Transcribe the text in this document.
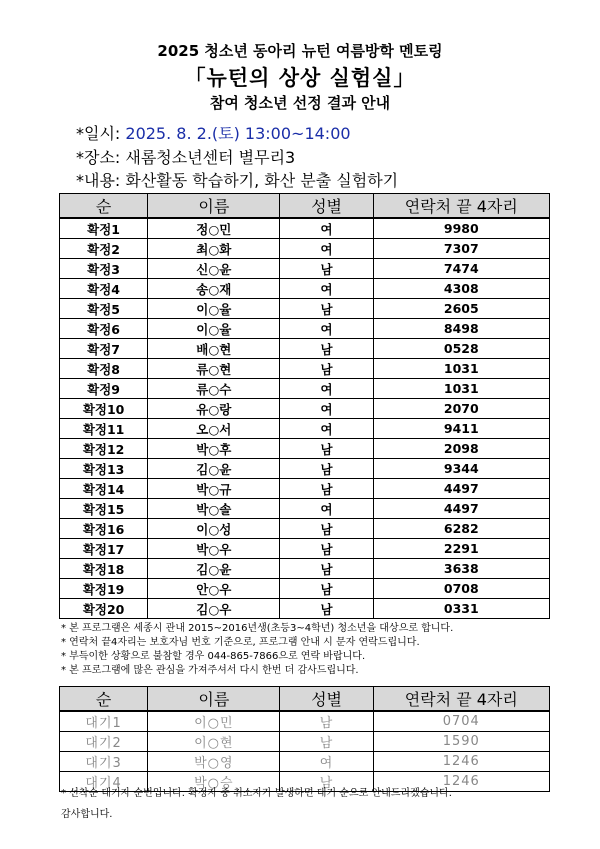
2025 청소년 동아리 뉴턴 여름방학 멘토링
「뉴턴의 상상 실험실」
참여 청소년 선정 결과 안내
*일시: 2025. 8. 2.(토) 13:00~14:00
*장소: 새롬청소년센터 별무리3
*내용: 화산활동 학습하기, 화산 분출 실험하기
순	이름	성별	연락처 끝 4자리
확정1	정○민	여	9980
확정2	최○화	여	7307
확정3	신○윤	남	7474
확정4	송○재	여	4308
확정5	이○율	남	2605
확정6	이○율	여	8498
확정7	배○현	남	0528
확정8	류○현	남	1031
확정9	류○수	여	1031
확정10	유○랑	여	2070
확정11	오○서	여	9411
확정12	박○후	남	2098
확정13	김○윤	남	9344
확정14	박○규	남	4497
확정15	박○솔	여	4497
확정16	이○성	남	6282
확정17	박○우	남	2291
확정18	김○윤	남	3638
확정19	안○우	남	0708
확정20	김○우	남	0331
* 본 프로그램은 세종시 관내 2015~2016년생(초등3~4학년) 청소년을 대상으로 합니다.
* 연락처 끝4자리는 보호자님 번호 기준으로, 프로그램 안내 시 문자 연락드립니다.
* 부득이한 상황으로 불참할 경우 044-865-7866으로 연락 바랍니다.
* 본 프로그램에 많은 관심을 가져주셔서 다시 한번 더 감사드립니다.
순	이름	성별	연락처 끝 4자리
대기1	이○민	남	0704
대기2	이○현	남	1590
대기3	박○영	여	1246
대기4	박○승	남	1246
* 선착순 대기자 순번입니다. 확정자 중 취소자가 발생하면 대기 순으로 안내드리겠습니다.
감사합니다.
